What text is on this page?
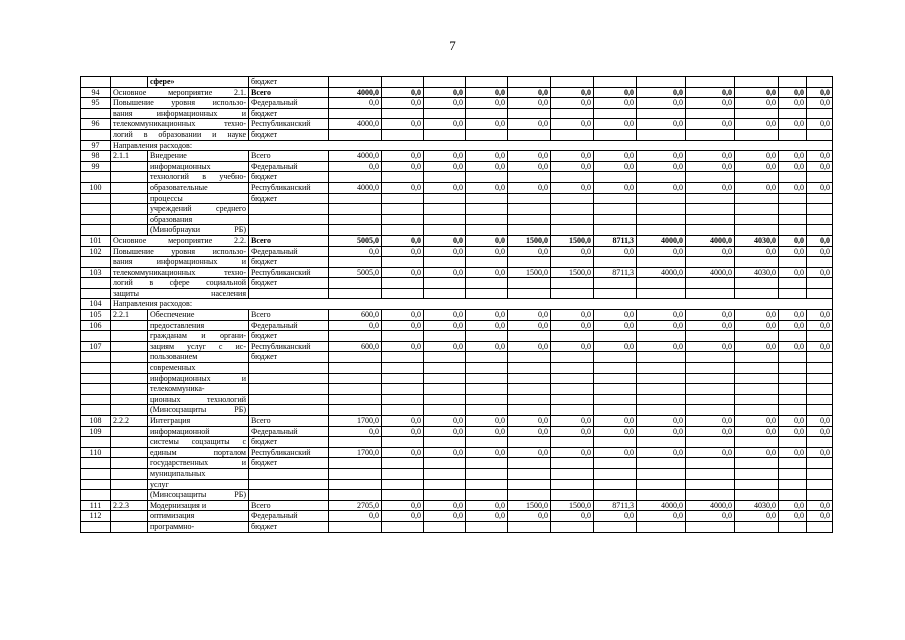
7
		сфере»	бюджет												
94	Основное мероприятие 2.1.		Всего	4000,0	0,0	0,0	0,0	0,0	0,0	0,0	0,0	0,0	0,0	0,0	0,0
95	Повышение уровня использо-		Федеральный	0,0	0,0	0,0	0,0	0,0	0,0	0,0	0,0	0,0	0,0	0,0	0,0
	вания информационных и		бюджет												
96	телекоммуникационных техно-		Республиканский	4000,0	0,0	0,0	0,0	0,0	0,0	0,0	0,0	0,0	0,0	0,0	0,0
	логий в образовании и науке		бюджет												
97	Направления расходов:														
98	2.1.1	Внедрение	Всего	4000,0	0,0	0,0	0,0	0,0	0,0	0,0	0,0	0,0	0,0	0,0	0,0
99		информационных	Федеральный	0,0	0,0	0,0	0,0	0,0	0,0	0,0	0,0	0,0	0,0	0,0	0,0
		технологий в учебно-	бюджет												
100		образовательные	Республиканский	4000,0	0,0	0,0	0,0	0,0	0,0	0,0	0,0	0,0	0,0	0,0	0,0
		процессы	бюджет												
		учреждений среднего													
		образования													
		(Минобрнауки РБ)													
101	Основное мероприятие 2.2.		Всего	5005,0	0,0	0,0	0,0	1500,0	1500,0	8711,3	4000,0	4000,0	4030,0	0,0	0,0
102	Повышение уровня использо-		Федеральный	0,0	0,0	0,0	0,0	0,0	0,0	0,0	0,0	0,0	0,0	0,0	0,0
	вания информационных и		бюджет												
103	телекоммуникационных техно-		Республиканский	5005,0	0,0	0,0	0,0	1500,0	1500,0	8711,3	4000,0	4000,0	4030,0	0,0	0,0
	логий в сфере социальной		бюджет												
	защиты населения														
104	Направления расходов:														
105	2.2.1	Обеспечение	Всего	600,0	0,0	0,0	0,0	0,0	0,0	0,0	0,0	0,0	0,0	0,0	0,0
106		предоставления	Федеральный	0,0	0,0	0,0	0,0	0,0	0,0	0,0	0,0	0,0	0,0	0,0	0,0
		гражданам и органи-	бюджет												
107		зациям услуг с ис-	Республиканский	600,0	0,0	0,0	0,0	0,0	0,0	0,0	0,0	0,0	0,0	0,0	0,0
		пользованием	бюджет												
		современных													
		информационных и													
		телекоммуника-													
		ционных технологий													
		(Минсоцзащиты РБ)													
108	2.2.2	Интеграция	Всего	1700,0	0,0	0,0	0,0	0,0	0,0	0,0	0,0	0,0	0,0	0,0	0,0
109		информационной	Федеральный	0,0	0,0	0,0	0,0	0,0	0,0	0,0	0,0	0,0	0,0	0,0	0,0
		системы соцзащиты с	бюджет												
110		единым порталом	Республиканский	1700,0	0,0	0,0	0,0	0,0	0,0	0,0	0,0	0,0	0,0	0,0	0,0
		государственных и	бюджет												
		муниципальных													
		услуг													
		(Минсоцзащиты РБ)													
111	2.2.3	Модернизация и	Всего	2705,0	0,0	0,0	0,0	1500,0	1500,0	8711,3	4000,0	4000,0	4030,0	0,0	0,0
112		оптимизация	Федеральный	0,0	0,0	0,0	0,0	0,0	0,0	0,0	0,0	0,0	0,0	0,0	0,0
		программно-	бюджет												
